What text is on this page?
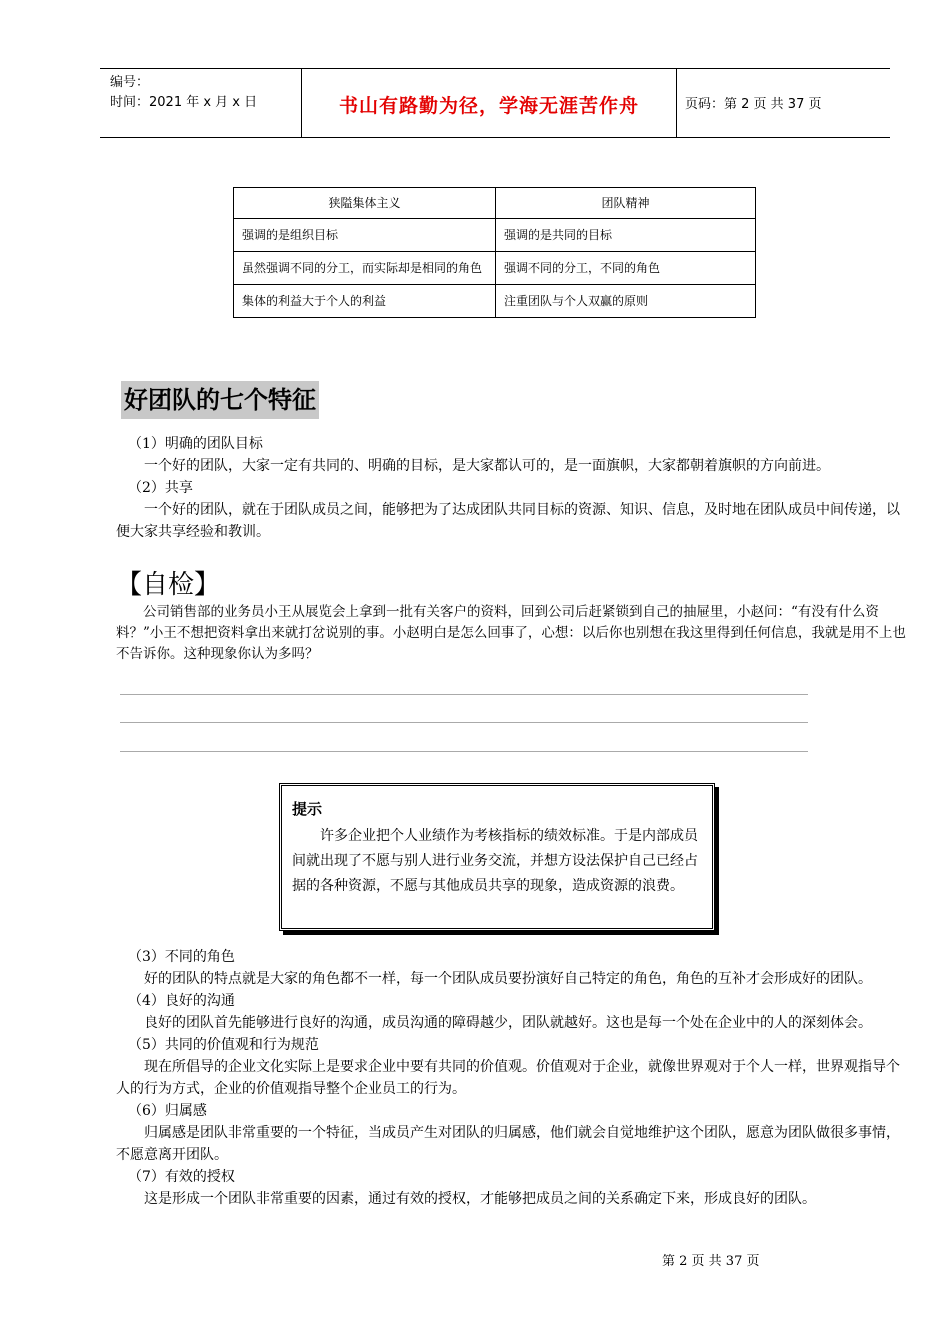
编号：
时间：2021 年 x 月 x 日	书山有路勤为径，学海无涯苦作舟	页码：第 2 页 共 37 页
狭隘集体主义	团队精神
强调的是组织目标	强调的是共同的目标
虽然强调不同的分工，而实际却是相同的角色	强调不同的分工，不同的角色
集体的利益大于个人的利益	注重团队与个人双赢的原则
好团队的七个特征

（1）明确的团队目标

一个好的团队，大家一定有共同的、明确的目标，是大家都认可的，是一面旗帜，大家都朝着旗帜的方向前进。

（2）共享

一个好的团队，就在于团队成员之间，能够把为了达成团队共同目标的资源、知识、信息，及时地在团队成员中间传递，以便大家共享经验和教训。

【自检】
公司销售部的业务员小王从展览会上拿到一批有关客户的资料，回到公司后赶紧锁到自己的抽屉里，小赵问：“有没有什么资料？”小王不想把资料拿出来就打岔说别的事。小赵明白是怎么回事了，心想：以后你也别想在我这里得到任何信息，我就是用不上也不告诉你。这种现象你认为多吗？
提示
许多企业把个人业绩作为考核指标的绩效标准。于是内部成员间就出现了不愿与别人进行业务交流，并想方设法保护自己已经占据的各种资源，不愿与其他成员共享的现象，造成资源的浪费。

（3）不同的角色

好的团队的特点就是大家的角色都不一样，每一个团队成员要扮演好自己特定的角色，角色的互补才会形成好的团队。

（4）良好的沟通

良好的团队首先能够进行良好的沟通，成员沟通的障碍越少，团队就越好。这也是每一个处在企业中的人的深刻体会。

（5）共同的价值观和行为规范

现在所倡导的企业文化实际上是要求企业中要有共同的价值观。价值观对于企业，就像世界观对于个人一样，世界观指导个人的行为方式，企业的价值观指导整个企业员工的行为。

（6）归属感

归属感是团队非常重要的一个特征，当成员产生对团队的归属感，他们就会自觉地维护这个团队，愿意为团队做很多事情，不愿意离开团队。

（7）有效的授权

这是形成一个团队非常重要的因素，通过有效的授权，才能够把成员之间的关系确定下来，形成良好的团队。

第 2 页 共 37 页
